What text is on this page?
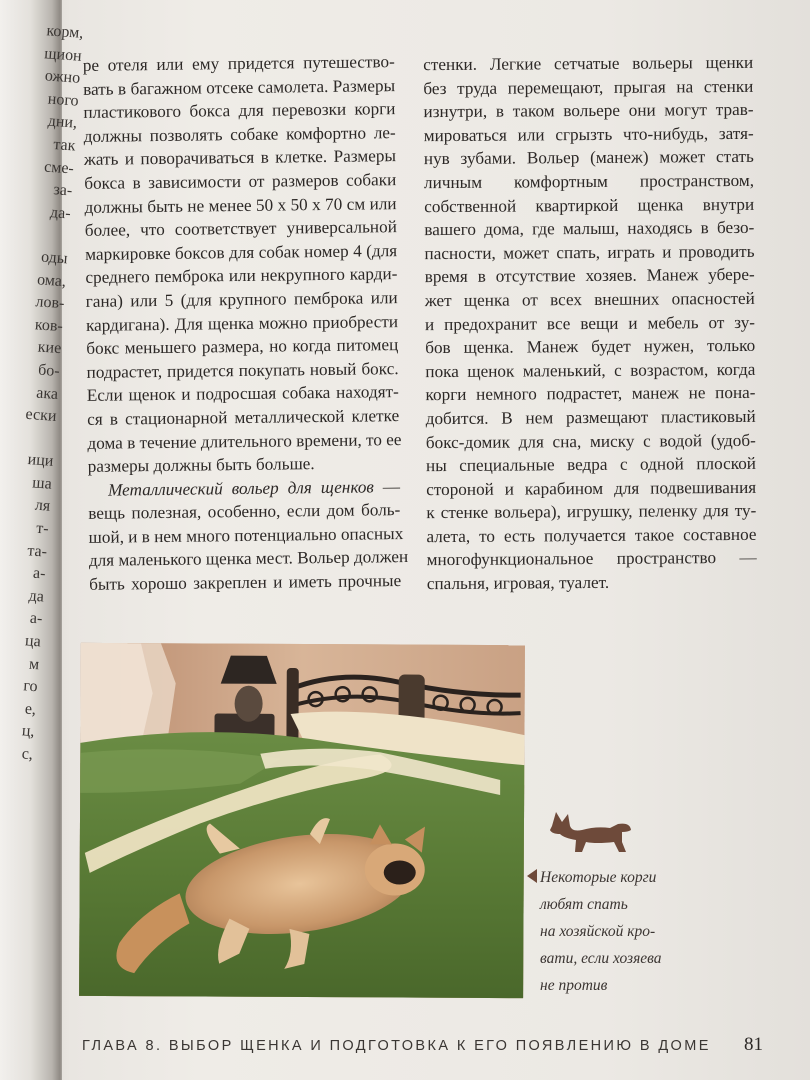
корм,
щион
ожно
ного
дни,
так
сме-
за-
да-
оды
ома,
лов-
ков-
кие
бо-
ака
ески
ици
ша
ля
т-
та-
а-
да
а-
ца
м
го
е,
ц,
с,

ре отеля или ему придется путешество-
вать в багажном отсеке самолета. Размеры
пластикового бокса для перевозки корги
должны позволять собаке комфортно ле-
жать и поворачиваться в клетке. Размеры
бокса в зависимости от размеров собаки
должны быть не менее 50 х 50 х 70 см или
более, что соответствует универсальной
маркировке боксов для собак номер 4 (для
среднего пемброка или некрупного карди-
гана) или 5 (для крупного пемброка или
кардигана). Для щенка можно приобрести
бокс меньшего размера, но когда питомец
подрастет, придется покупать новый бокс.
Если щенок и подросшая собака находят-
ся в стационарной металлической клетке
дома в течение длительного времени, то ее
размеры должны быть больше.

Металлический вольер для щенков —
вещь полезная, особенно, если дом боль-
шой, и в нем много потенциально опасных
для маленького щенка мест. Вольер должен
быть хорошо закреплен и иметь прочные

стенки. Легкие сетчатые вольеры щенки
без труда перемещают, прыгая на стенки
изнутри, в таком вольере они могут трав-
мироваться или сгрызть что-нибудь, затя-
нув зубами. Вольер (манеж) может стать
личным комфортным пространством,
собственной квартиркой щенка внутри
вашего дома, где малыш, находясь в безо-
пасности, может спать, играть и проводить
время в отсутствие хозяев. Манеж убере-
жет щенка от всех внешних опасностей
и предохранит все вещи и мебель от зу-
бов щенка. Манеж будет нужен, только
пока щенок маленький, с возрастом, когда
корги немного подрастет, манеж не пона-
добится. В нем размещают пластиковый
бокс-домик для сна, миску с водой (удоб-
ны специальные ведра с одной плоской
стороной и карабином для подвешивания
к стенке вольера), игрушку, пеленку для ту-
алета, то есть получается такое составное
многофункциональное пространство —
спальня, игровая, туалет.

Некоторые корги
любят спать
на хозяйской кро-
вати, если хозяева
не против
ГЛАВА 8. ВЫБОР ЩЕНКА И ПОДГОТОВКА К ЕГО ПОЯВЛЕНИЮ В ДОМЕ 81
